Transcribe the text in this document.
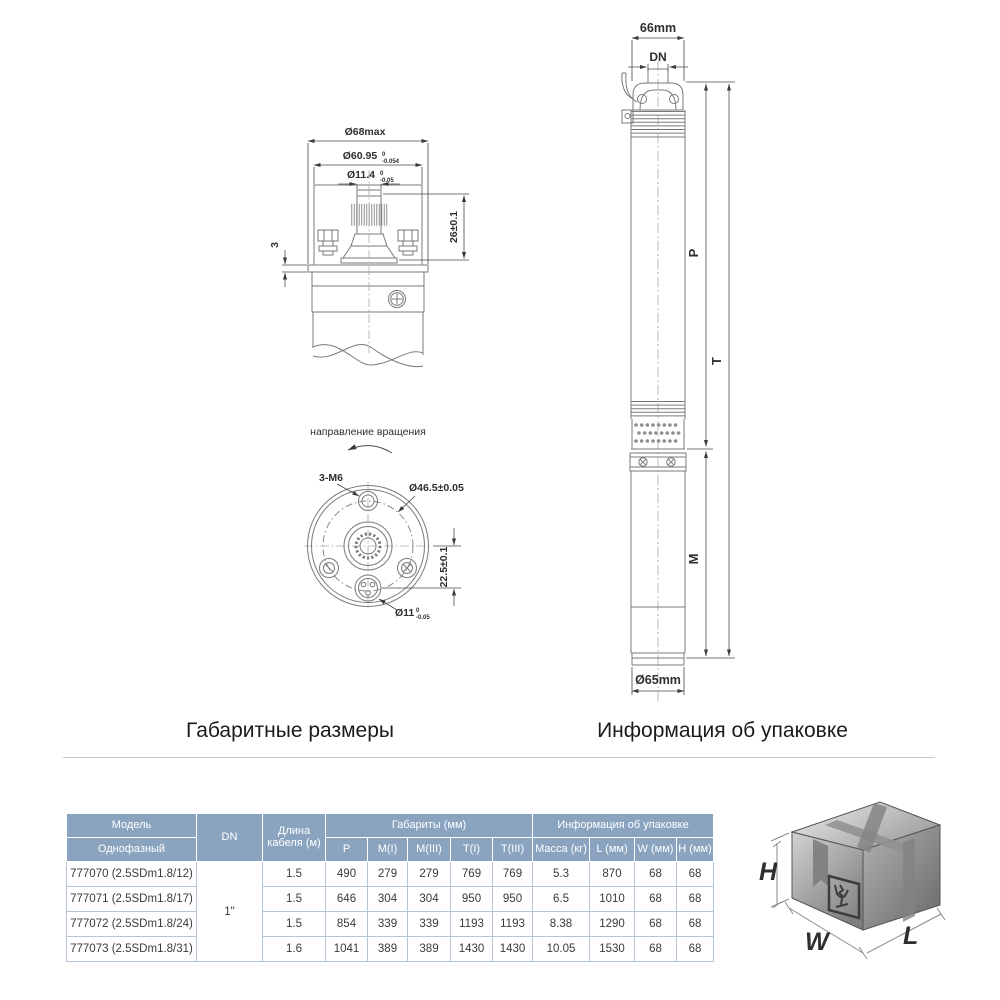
Ø68max
Ø60.95 0
-0.054
Ø11.4 0
-0.05
26±0.1
3
направление вращения
3-M6
Ø46.5±0.05
22.5±0.1
Ø11 0
-0.05
66mm
DN
P
T
M
Ø65mm
Габаритные размеры	Информация об упаковке
Модель	DN	Длина кабеля (м)	Габариты (мм)					Информация об упаковке			
Однофазный			P	M(I)	M(III)	T(I)	T(III)	Масса (кг)	L (мм)	W (мм)	H (мм)
777070 (2.5SDm1.8/12)	1"	1.5	490	279	279	769	769	5.3	870	68	68
777071 (2.5SDm1.8/17)		1.5	646	304	304	950	950	6.5	1010	68	68
777072 (2.5SDm1.8/24)		1.5	854	339	339	1193	1193	8.38	1290	68	68
777073 (2.5SDm1.8/31)		1.6	1041	389	389	1430	1430	10.05	1530	68	68
H
W	L
